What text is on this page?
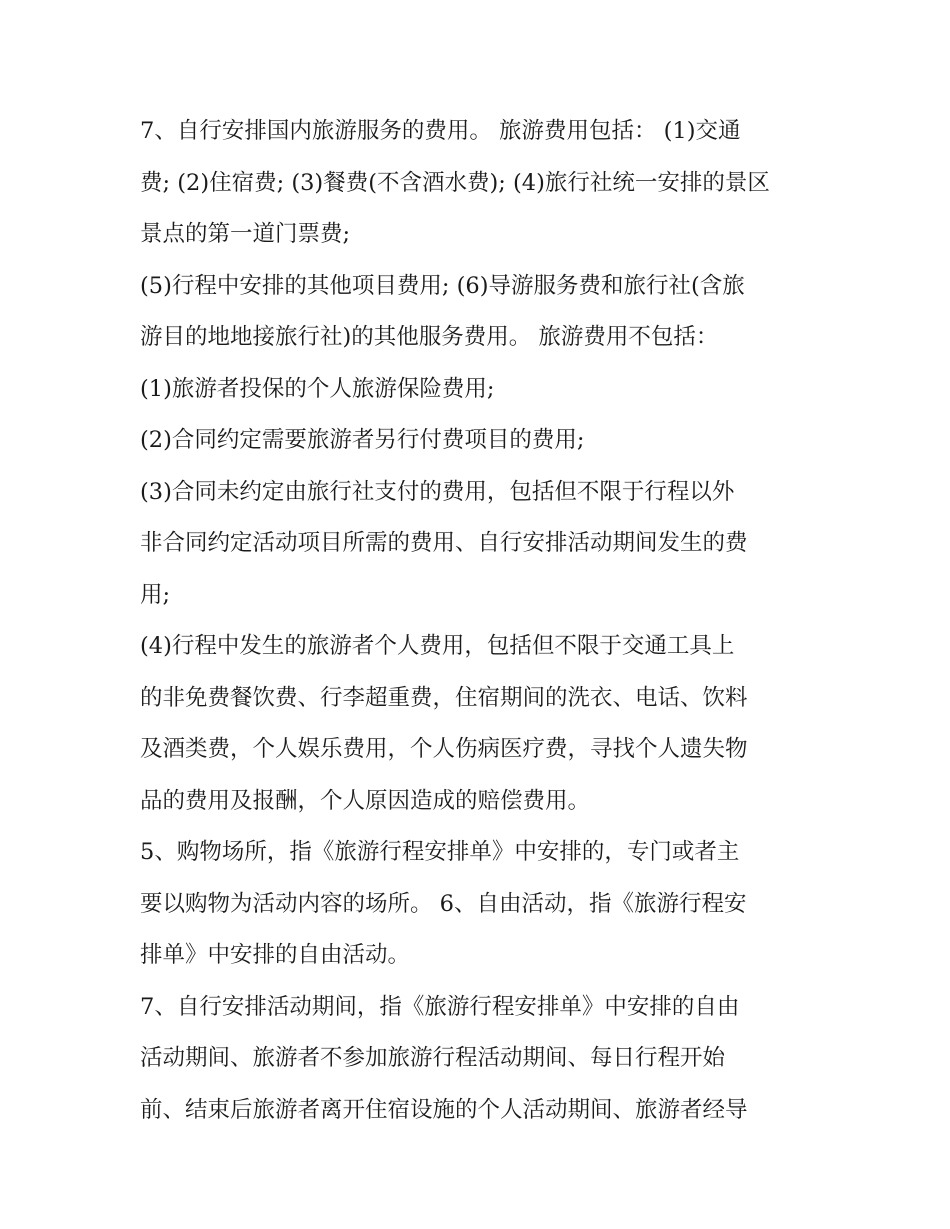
7、自行安排国内旅游服务的费用。 旅游费用包括： (1)交通
费; (2)住宿费; (3)餐费(不含酒水费); (4)旅行社统一安排的景区
景点的第一道门票费;
(5)行程中安排的其他项目费用; (6)导游服务费和旅行社(含旅
游目的地地接旅行社)的其他服务费用。 旅游费用不包括：
(1)旅游者投保的个人旅游保险费用;
(2)合同约定需要旅游者另行付费项目的费用;
(3)合同未约定由旅行社支付的费用，包括但不限于行程以外
非合同约定活动项目所需的费用、自行安排活动期间发生的费
用;
(4)行程中发生的旅游者个人费用，包括但不限于交通工具上
的非免费餐饮费、行李超重费，住宿期间的洗衣、电话、饮料
及酒类费，个人娱乐费用，个人伤病医疗费，寻找个人遗失物
品的费用及报酬，个人原因造成的赔偿费用。
5、购物场所，指《旅游行程安排单》中安排的，专门或者主
要以购物为活动内容的场所。 6、自由活动，指《旅游行程安
排单》中安排的自由活动。
7、自行安排活动期间，指《旅游行程安排单》中安排的自由
活动期间、旅游者不参加旅游行程活动期间、每日行程开始
前、结束后旅游者离开住宿设施的个人活动期间、旅游者经导
